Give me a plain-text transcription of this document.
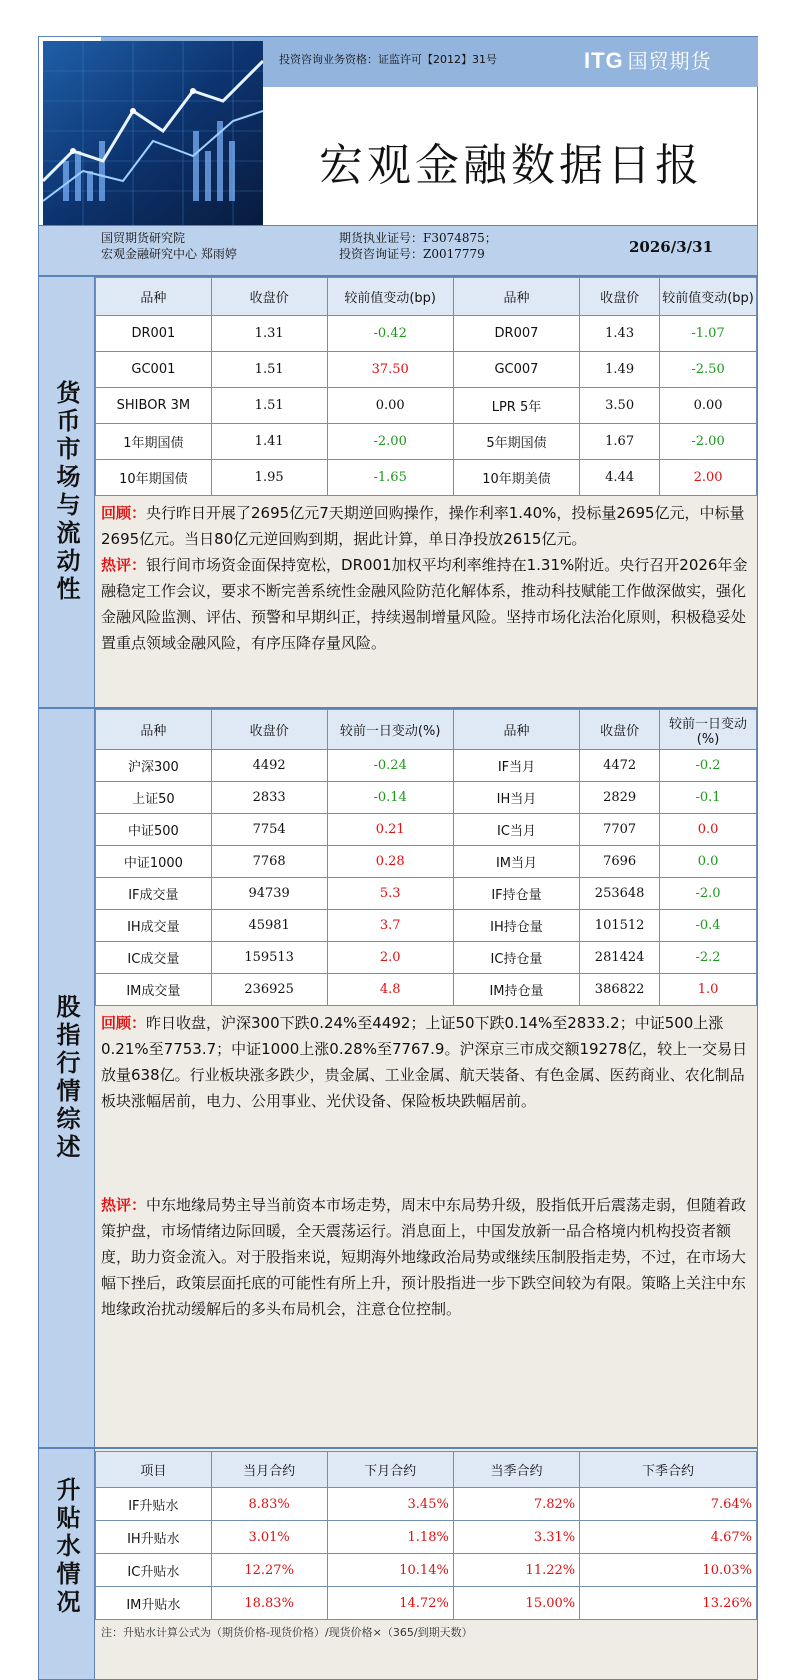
投资咨询业务资格：证监许可【2012】31号	ITG 国贸期货
宏观金融数据日报
国贸期货研究院
宏观金融研究中心 郑雨婷
期货执业证号：F3074875；
投资咨询证号：Z0017779	2026/3/31
货币市场与流动性
品种	收盘价	较前值变动(bp)	品种	收盘价	较前值变动(bp)
DR001	1.31	-0.42	DR007	1.43	-1.07
GC001	1.51	37.50	GC007	1.49	-2.50
SHIBOR 3M	1.51	0.00	LPR 5年	3.50	0.00
1年期国债	1.41	-2.00	5年期国债	1.67	-2.00
10年期国债	1.95	-1.65	10年期美债	4.44	2.00
回顾：央行昨日开展了2695亿元7天期逆回购操作，操作利率1.40%，投标量2695亿元，中标量 2695亿元。当日80亿元逆回购到期，据此计算，单日净投放2615亿元。
热评：银行间市场资金面保持宽松，DR001加权平均利率维持在1.31%附近。央行召开2026年金融稳定工作会议，要求不断完善系统性金融风险防范化解体系，推动科技赋能工作做深做实，强化金融风险监测、评估、预警和早期纠正，持续遏制增量风险。坚持市场化法治化原则，积极稳妥处置重点领域金融风险，有序压降存量风险。
股指行情综述
品种	收盘价	较前一日变动(%)	品种	收盘价	较前一日变动(%)
沪深300	4492	-0.24	IF当月	4472	-0.2
上证50	2833	-0.14	IH当月	2829	-0.1
中证500	7754	0.21	IC当月	7707	0.0
中证1000	7768	0.28	IM当月	7696	0.0
IF成交量	94739	5.3	IF持仓量	253648	-2.0
IH成交量	45981	3.7	IH持仓量	101512	-0.4
IC成交量	159513	2.0	IC持仓量	281424	-2.2
IM成交量	236925	4.8	IM持仓量	386822	1.0
回顾：昨日收盘，沪深300下跌0.24%至4492；上证50下跌0.14%至2833.2；中证500上涨0.21%至7753.7；中证1000上涨0.28%至7767.9。沪深京三市成交额19278亿，较上一交易日放量638亿。行业板块涨多跌少，贵金属、工业金属、航天装备、有色金属、医药商业、农化制品板块涨幅居前，电力、公用事业、光伏设备、保险板块跌幅居前。
热评：中东地缘局势主导当前资本市场走势，周末中东局势升级，股指低开后震荡走弱，但随着政策护盘，市场情绪边际回暖，全天震荡运行。消息面上，中国发放新一品合格境内机构投资者额度，助力资金流入。对于股指来说，短期海外地缘政治局势或继续压制股指走势，不过，在市场大幅下挫后，政策层面托底的可能性有所上升，预计股指进一步下跌空间较为有限。策略上关注中东地缘政治扰动缓解后的多头布局机会，注意仓位控制。
升贴水情况
项目	当月合约	下月合约	当季合约	下季合约
IF升贴水	8.83%	3.45%	7.82%	7.64%
IH升贴水	3.01%	1.18%	3.31%	4.67%
IC升贴水	12.27%	10.14%	11.22%	10.03%
IM升贴水	18.83%	14.72%	15.00%	13.26%
注：升贴水计算公式为（期货价格-现货价格）/现货价格×（365/到期天数）
